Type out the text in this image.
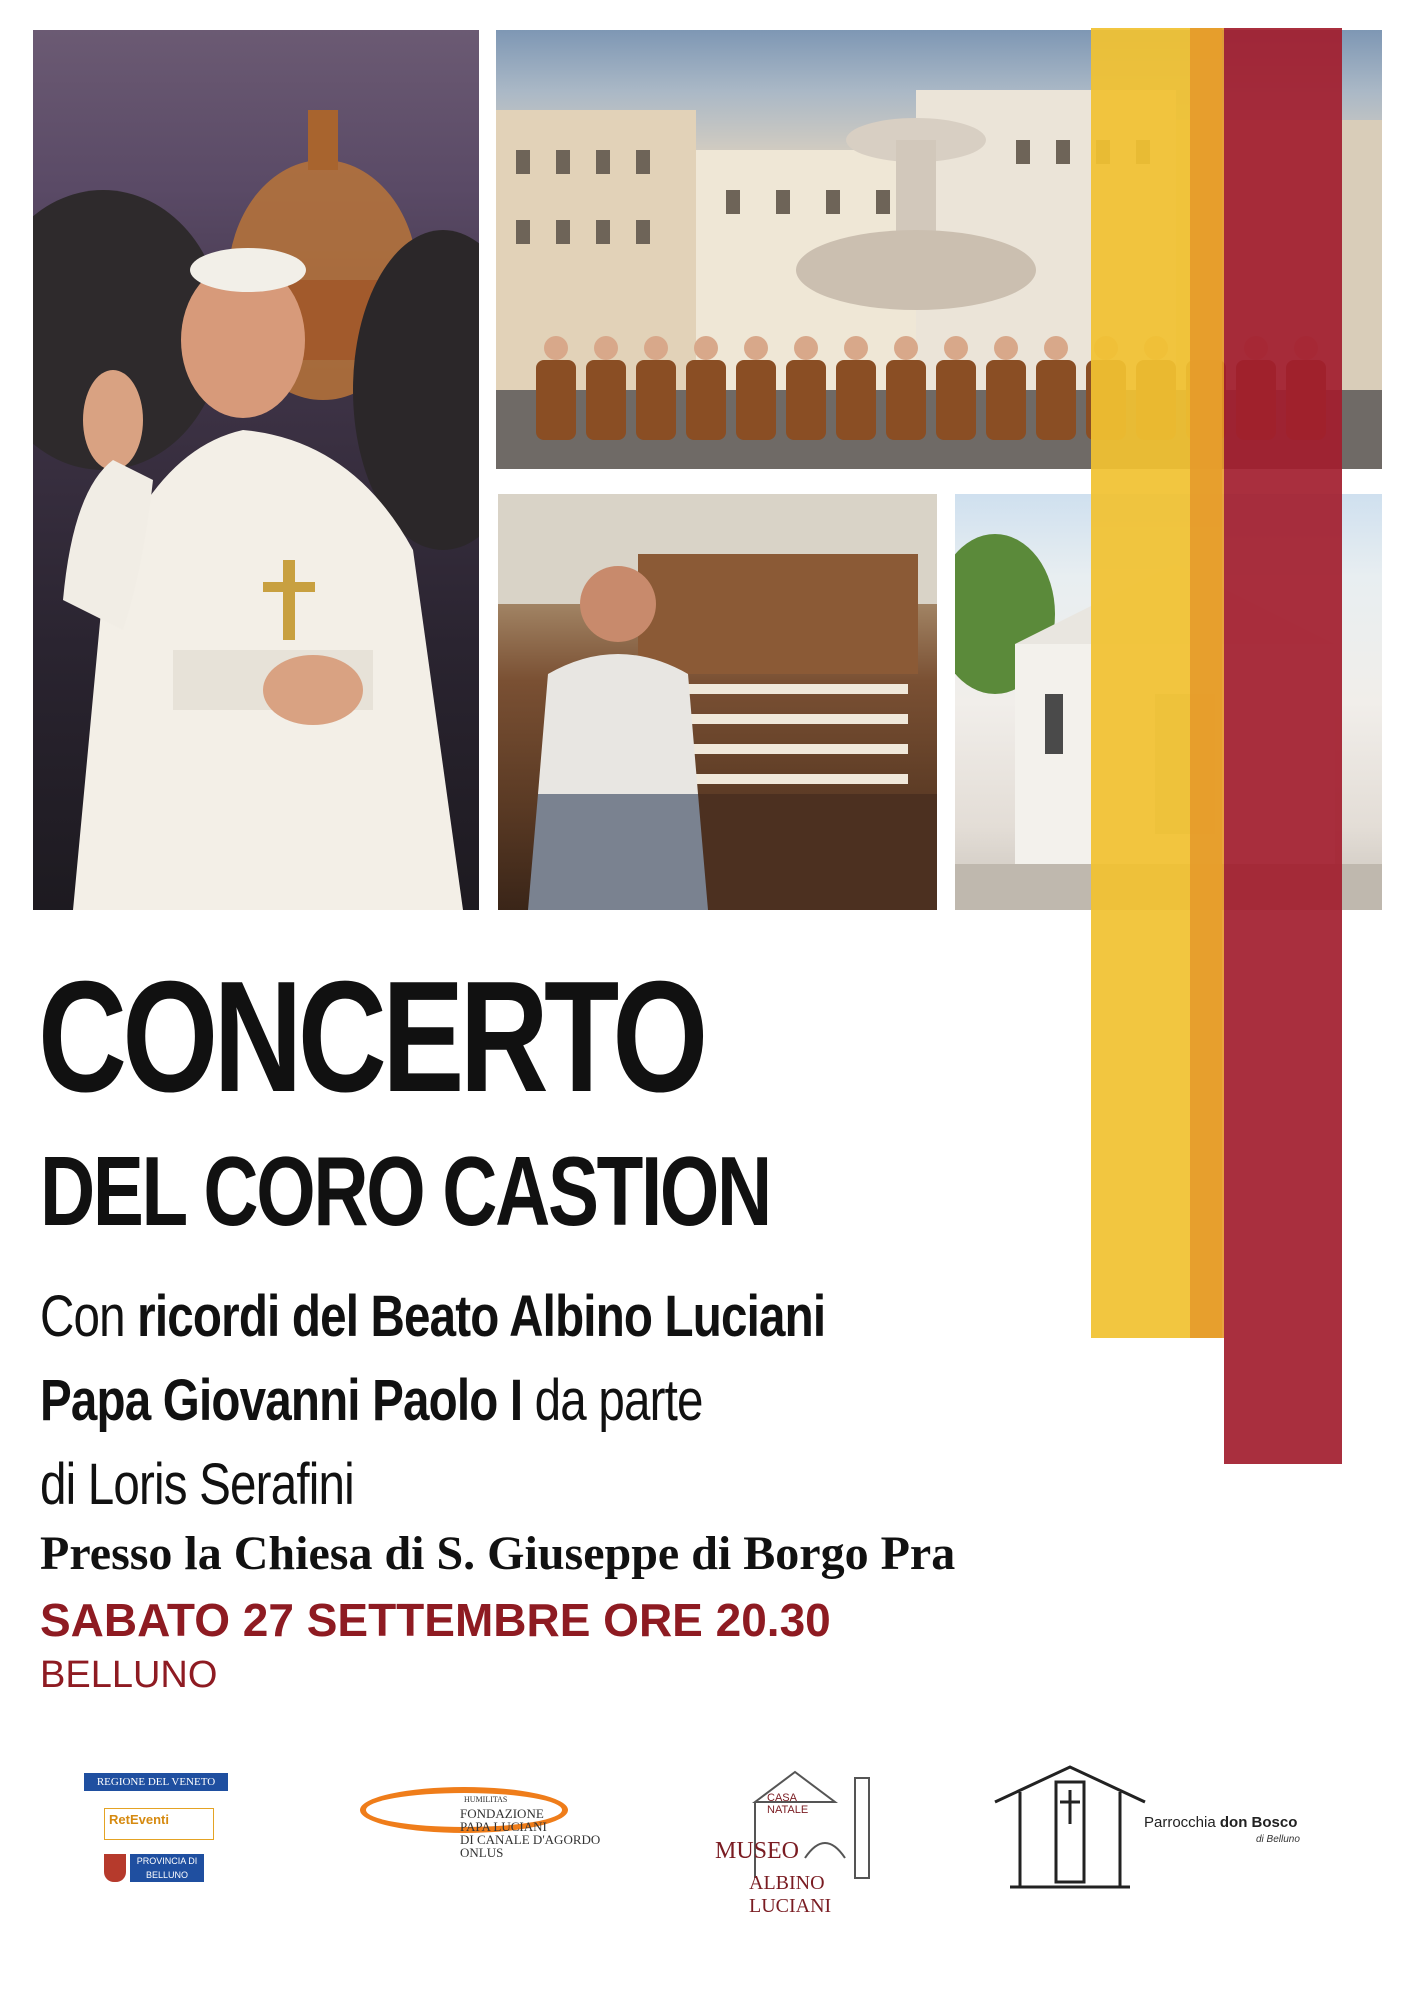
CONCERTO
DEL CORO CASTION
Con ricordi del Beato Albino Luciani
Papa Giovanni Paolo I da parte
di Loris Serafini
Presso la Chiesa di S. Giuseppe di Borgo Pra
SABATO 27 SETTEMBRE ORE 20.30
BELLUNO
REGIONE DEL VENETO
RetEventi
PROVINCIA DI BELLUNO
HUMILITAS
FONDAZIONE
PAPA LUCIANI
DI CANALE D'AGORDO
ONLUS
CASA
NATALE
MUSEO
ALBINO LUCIANI
Parrocchia don Bosco
di Belluno
